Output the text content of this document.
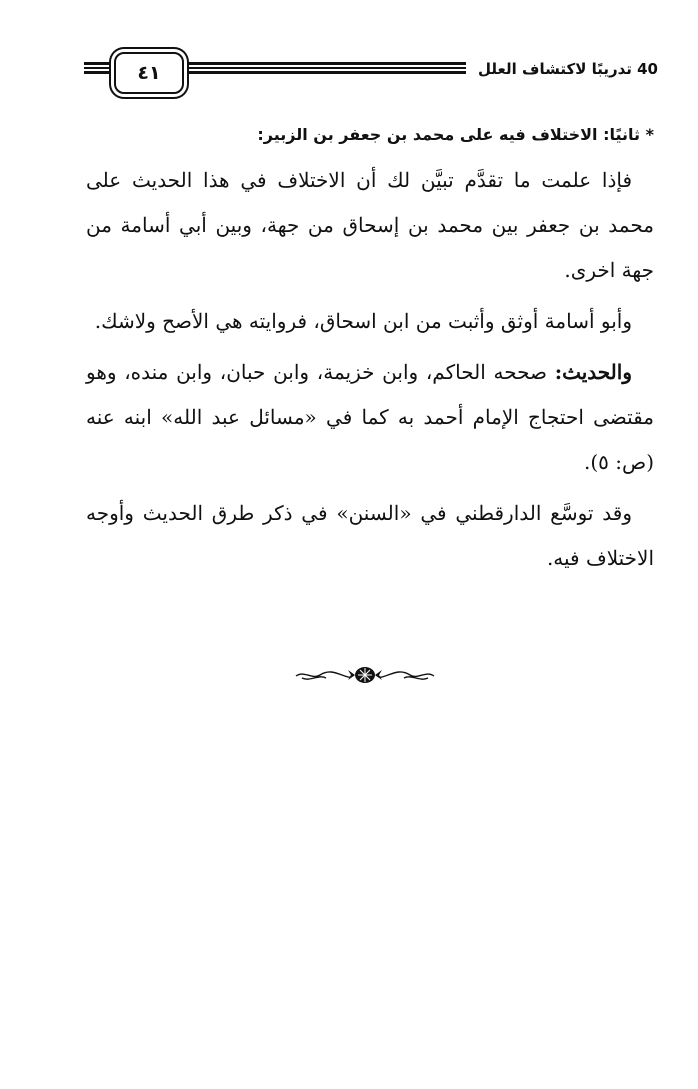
٤١	40 تدريبًا لاكتشاف العلل

* ثانيًا: الاختلاف فيه على محمد بن جعفر بن الزبير:

فإذا علمت ما تقدَّم تبيَّن لك أن الاختلاف في هذا الحديث على محمد بن جعفر بين محمد بن إسحاق من جهة، وبين أبي أسامة من جهة اخرى.

وأبو أسامة أوثق وأثبت من ابن اسحاق، فروايته هي الأصح ولاشك.

والحديث: صححه الحاكم، وابن خزيمة، وابن حبان، وابن منده، وهو مقتضى احتجاج الإمام أحمد به كما في «مسائل عبد الله» ابنه عنه (ص: ٥).

وقد توسَّع الدارقطني في «السنن» في ذكر طرق الحديث وأوجه الاختلاف فيه.
